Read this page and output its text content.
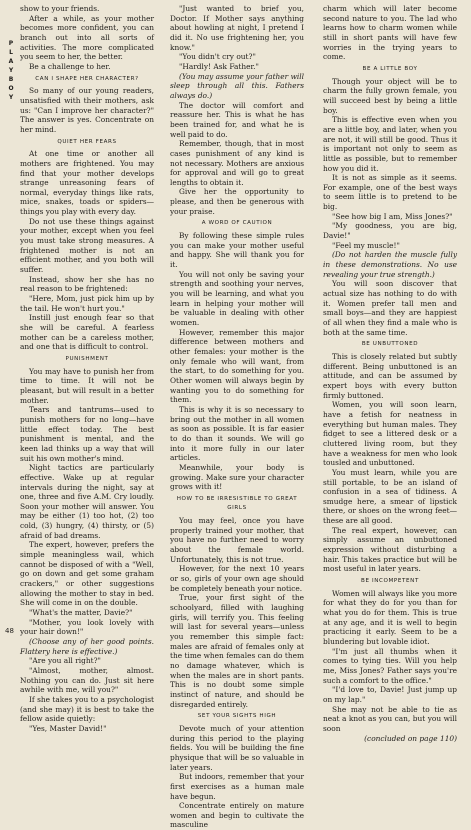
P
L
A
Y
B
O
Y

show to your friends.

After a while, as your mother becomes more confident, you can branch out into all sorts of activities. The more complicated you seem to her, the better.

Be a challenge to her.

CAN I SHAPE HER CHARACTER?

So many of our young readers, unsatisfied with their mothers, ask us: "Can I improve her character?" The answer is yes. Concentrate on her mind.

QUIET HER FEARS

At one time or another all mothers are frightened. You may find that your mother develops strange unreasoning fears of normal, everyday things like rats, mice, snakes, toads or spiders—things you play with every day.

Do not use these things against your mother, except when you feel you must take strong measures. A frightened mother is not an efficient mother, and you both will suffer.

Instead, show her she has no real reason to be frightened:

"Here, Mom, just pick him up by the tail. He won't hurt you."

Instill just enough fear so that she will be careful. A fearless mother can be a careless mother, and one that is difficult to control.

PUNISHMENT

You may have to punish her from time to time. It will not be pleasant, but will result in a better mother.

Tears and tantrums—used to punish mothers for no long—have little effect today. The best punishment is mental, and the keen lad thinks up a way that will suit his own mother's mind.

Night tactics are particularly effective. Wake up at regular intervals during the night, say at one, three and five A.M. Cry loudly. Soon your mother will answer. You may be either (1) too hot, (2) too cold, (3) hungry, (4) thirsty, or (5) afraid of bad dreams.

The expert, however, prefers the simple meaningless wail, which cannot be disposed of with a "Well, go on down and get some graham crackers," or other suggestions allowing the mother to stay in bed. She will come in on the double.

"What's the matter, Davie?"

"Mother, you look lovely with your hair down!"

(Choose any of her good points. Flattery here is effective.)

"Are you all right?"

"Almost, mother, almost. Nothing you can do. Just sit here awhile with me, will you?"

If she takes you to a psychologist (and she may) it is best to take the fellow aside quietly:

"Yes, Master David!"

"Just wanted to brief you, Doctor. If Mother says anything about howling at night, I pretend I did it. No use frightening her, you know."

"You didn't cry out?"

"Hardly! Ask Father."

(You may assume your father will sleep through all this. Fathers always do.)

The doctor will comfort and reassure her. This is what he has been trained for, and what he is well paid to do.

Remember, though, that in most cases punishment of any kind is not necessary. Mothers are anxious for approval and will go to great lengths to obtain it.

Give her the opportunity to please, and then be generous with your praise.

A WORD OF CAUTION

By following these simple rules you can make your mother useful and happy. She will thank you for it.

You will not only be saving your strength and soothing your nerves, you will be learning, and what you learn in helping your mother will be valuable in dealing with other women.

However, remember this major difference between mothers and other females: your mother is the only female who will want, from the start, to do something for you. Other women will always begin by wanting you to do something for them.

This is why it is so necessary to bring out the mother in all women as soon as possible. It is far easier to do than it sounds. We will go into it more fully in our later articles.

Meanwhile, your body is growing. Make sure your character grows with it!

HOW TO BE IRRESISTIBLE TO GREAT GIRLS

You may feel, once you have properly trained your mother, that you have no further need to worry about the female world. Unfortunately, this is not true.

However, for the next 10 years or so, girls of your own age should be completely beneath your notice.

True, your first sight of the schoolyard, filled with laughing girls, will terrify you. This feeling will last for several years—unless you remember this simple fact: males are afraid of females only at the time when females can do them no damage whatever, which is when the males are in short pants. This is no doubt some simple instinct of nature, and should be disregarded entirely.

SET YOUR SIGHTS HIGH

Devote much of your attention during this period to the playing fields. You will be building the fine physique that will be so valuable in later years.

But indoors, remember that your first exercises as a human male have begun.

Concentrate entirely on mature women and begin to cultivate the masculine

charm which will later become second nature to you. The lad who learns how to charm women while still in short pants will have few worries in the trying years to come.

BE A LITTLE BOY

Though your object will be to charm the fully grown female, you will succeed best by being a little boy.

This is effective even when you are a little boy, and later, when you are not, it will still be good. Thus it is important not only to seem as little as possible, but to remember how you did it.

It is not as simple as it seems. For example, one of the best ways to seem little is to pretend to be big.

"See how big I am, Miss Jones?"

"My goodness, you are big, Davie!"

"Feel my muscle!"

(Do not harden the muscle fully in these demonstrations. No use revealing your true strength.)

You will soon discover that actual size has nothing to do with it. Women prefer tall men and small boys—and they are happiest of all when they find a male who is both at the same time.

BE UNBUTTONED

This is closely related but subtly different. Being unbuttoned is an attitude, and can be assumed by expert boys with every button firmly buttoned.

Women, you will soon learn, have a fetish for neatness in everything but human males. They fidget to see a littered desk or a cluttered living room, but they have a weakness for men who look tousled and unbuttoned.

You must learn, while you are still portable, to be an island of confusion in a sea of tidiness. A smudge here, a smear of lipstick there, or shoes on the wrong feet—these are all good.

The real expert, however, can simply assume an unbuttoned expression without disturbing a hair. This takes practice but will be most useful in later years.

BE INCOMPETENT

Women will always like you more for what they do for you than for what you do for them. This is true at any age, and it is well to begin practicing it early. Seem to be a blundering but lovable idiot.

"I'm just all thumbs when it comes to tying ties. Will you help me, Miss Jones? Father says you're such a comfort to the office."

"I'd love to, Davie! Just jump up on my lap."

She may not be able to tie as neat a knot as you can, but you will soon

(concluded on page 110)

48
